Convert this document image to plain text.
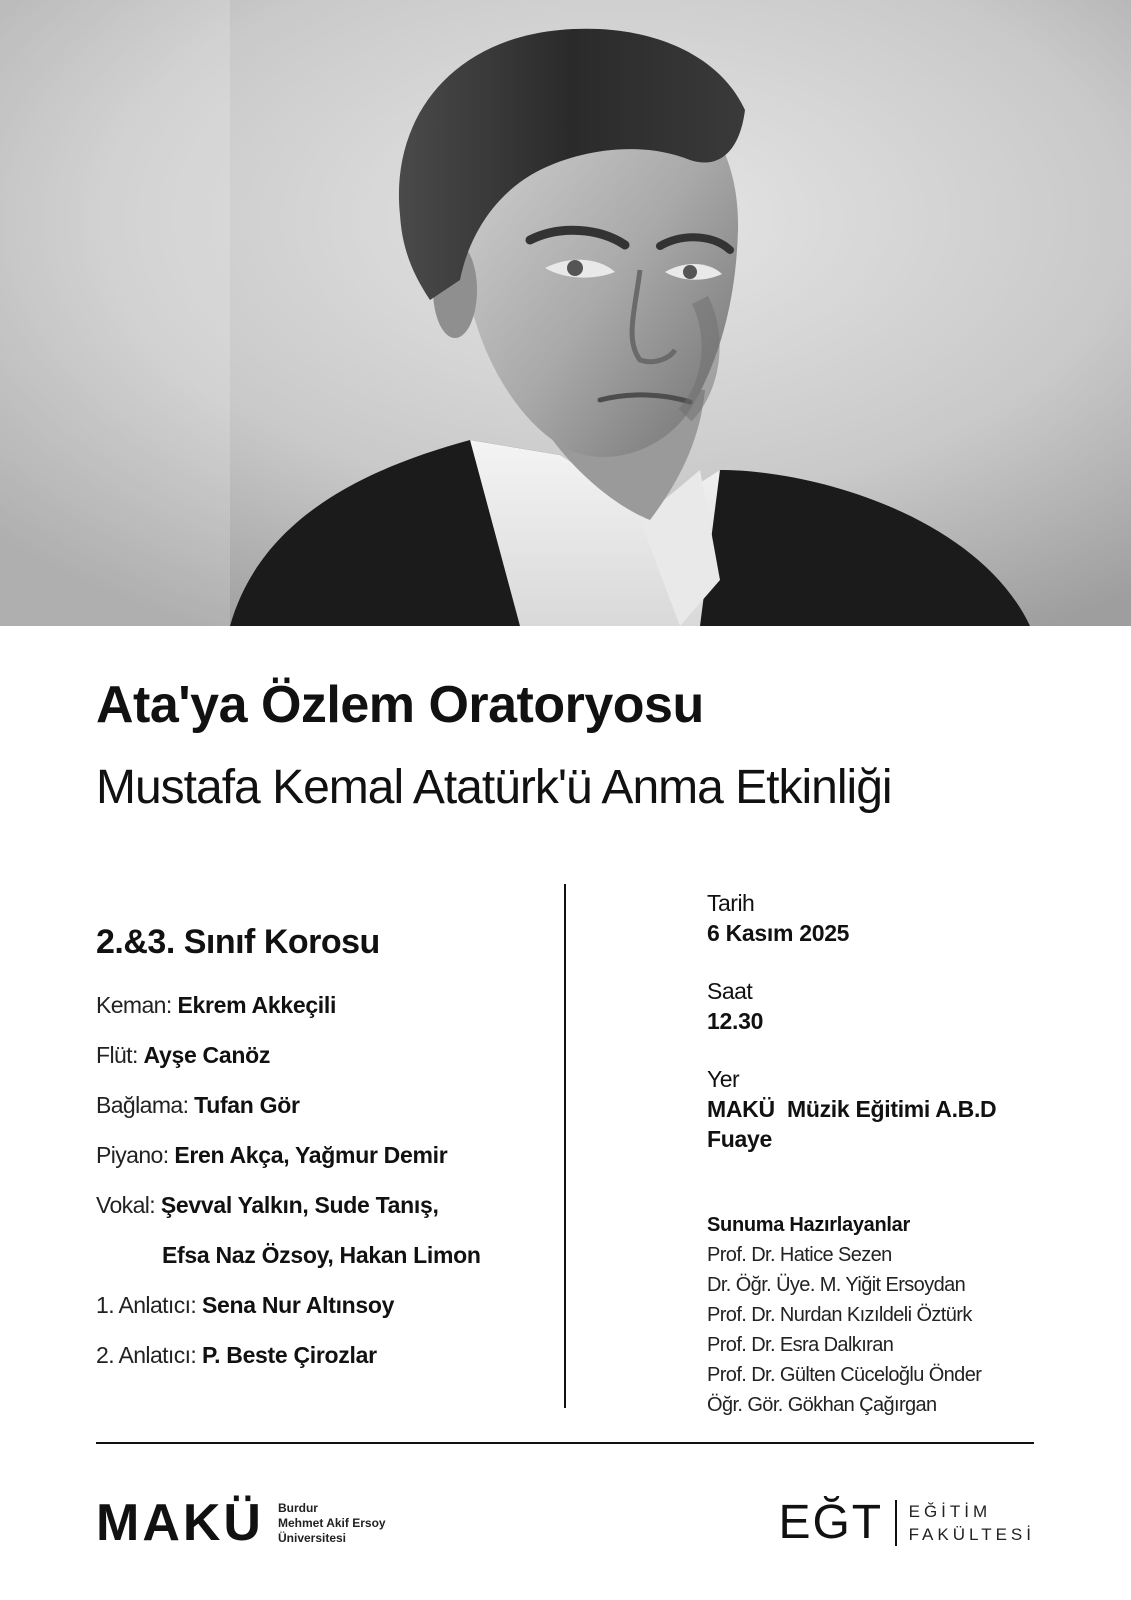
Ata'ya Özlem Oratoryosu
Mustafa Kemal Atatürk'ü Anma Etkinliği
2.&3. Sınıf Korosu
Keman: Ekrem Akkeçili
Flüt: Ayşe Canöz
Bağlama: Tufan Gör
Piyano: Eren Akça, Yağmur Demir
Vokal: Şevval Yalkın, Sude Tanış,
Efsa Naz Özsoy, Hakan Limon
1. Anlatıcı: Sena Nur Altınsoy
2. Anlatıcı: P. Beste Çirozlar
Tarih
6 Kasım 2025
Saat
12.30
Yer
MAKÜ  Müzik Eğitimi A.B.D
Fuaye
Sunuma Hazırlayanlar
Prof. Dr. Hatice Sezen
Dr. Öğr. Üye. M. Yiğit Ersoydan
Prof. Dr. Nurdan Kızıldeli Öztürk
Prof. Dr. Esra Dalkıran
Prof. Dr. Gülten Cüceloğlu Önder
Öğr. Gör. Gökhan Çağırgan
MAKÜ Burdur
Mehmet Akif Ersoy
Üniversitesi	EĞT EĞİTİM
FAKÜLTESİ
